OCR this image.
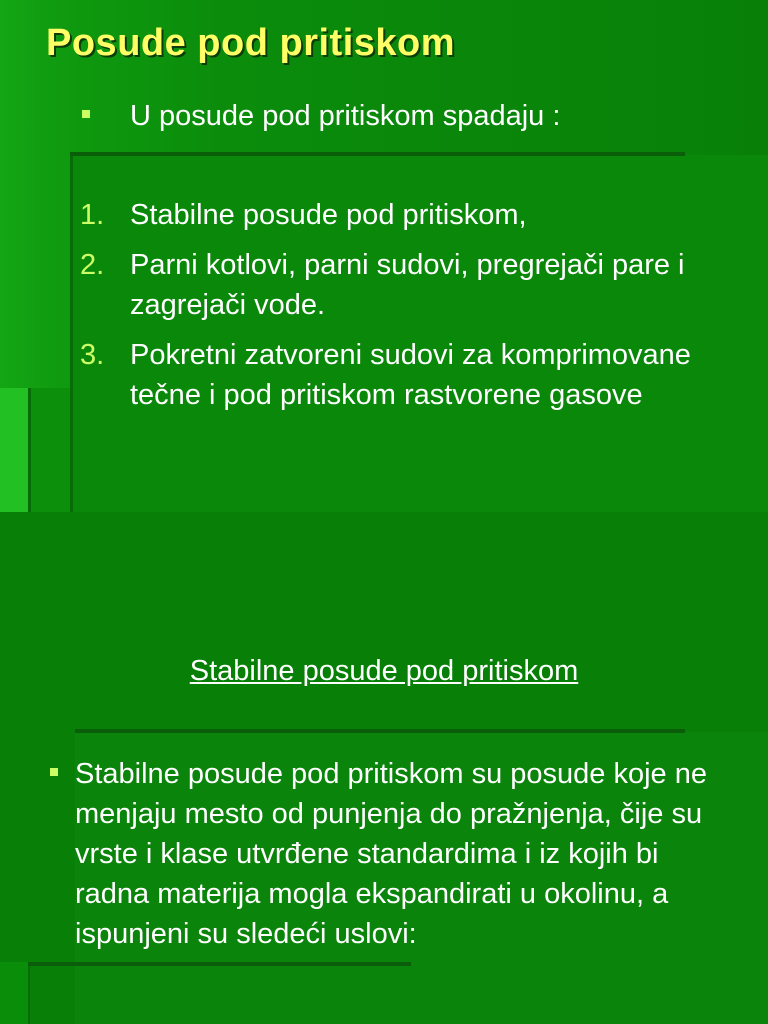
Posude pod pritiskom
U posude pod pritiskom spadaju :
1. Stabilne posude pod pritiskom,
2. Parni kotlovi, parni sudovi, pregrejači pare i zagrejači vode.
3. Pokretni zatvoreni sudovi za komprimovane tečne i pod pritiskom rastvorene gasove
Stabilne posude pod pritiskom
Stabilne posude pod pritiskom su posude koje ne menjaju mesto od punjenja do pražnjenja, čije su vrste i klase utvrđene standardima i iz kojih bi radna materija mogla ekspandirati u okolinu, a ispunjeni su sledeći uslovi:
